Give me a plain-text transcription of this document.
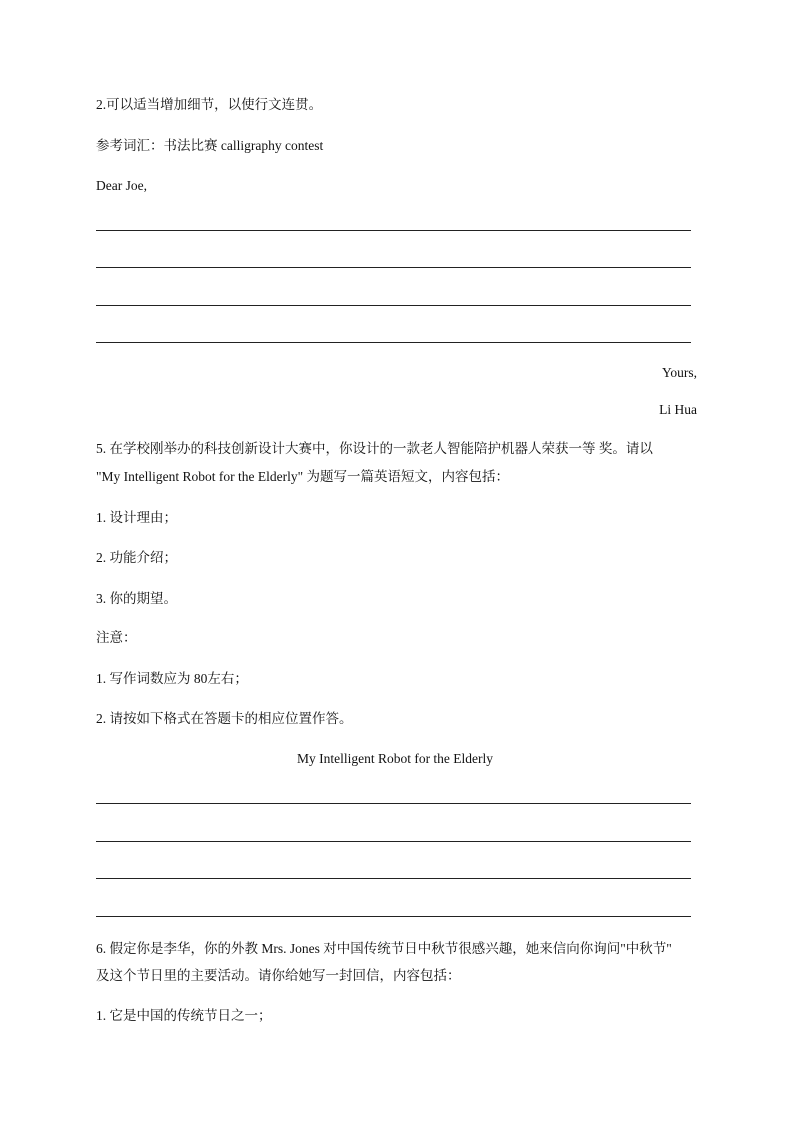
2.可以适当增加细节，以使行文连贯。
参考词汇：书法比赛 calligraphy contest
Dear Joe,
Yours,
Li Hua
5. 在学校刚举办的科技创新设计大赛中，你设计的一款老人智能陪护机器人荣获一等 奖。请以
"My Intelligent Robot for the Elderly" 为题写一篇英语短文，内容包括：
1. 设计理由；
2. 功能介绍；
3. 你的期望。
注意：
1. 写作词数应为 80左右；
2. 请按如下格式在答题卡的相应位置作答。
My Intelligent Robot for the Elderly
6. 假定你是李华，你的外教 Mrs. Jones 对中国传统节日中秋节很感兴趣，她来信向你询问"中秋节"
及这个节日里的主要活动。请你给她写一封回信，内容包括：
1. 它是中国的传统节日之一；
